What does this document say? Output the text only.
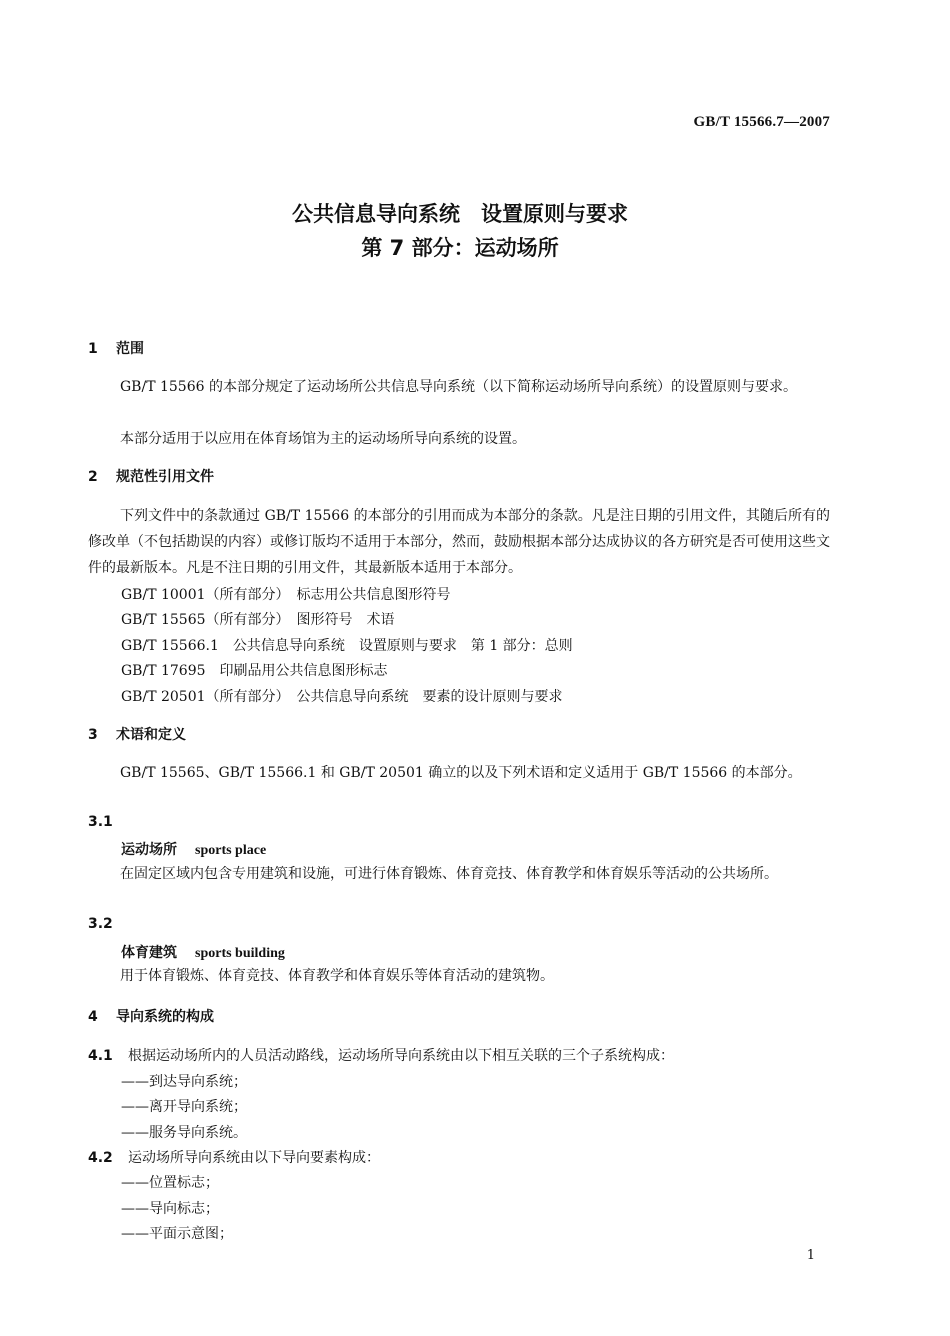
GB/T 15566.7—2007
公共信息导向系统　设置原则与要求
第 7 部分：运动场所
1 范围
GB/T 15566 的本部分规定了运动场所公共信息导向系统（以下简称运动场所导向系统）的设置原则与要求。
本部分适用于以应用在体育场馆为主的运动场所导向系统的设置。
2 规范性引用文件
下列文件中的条款通过 GB/T 15566 的本部分的引用而成为本部分的条款。凡是注日期的引用文件，其随后所有的修改单（不包括勘误的内容）或修订版均不适用于本部分，然而，鼓励根据本部分达成协议的各方研究是否可使用这些文件的最新版本。凡是不注日期的引用文件，其最新版本适用于本部分。
GB/T 10001（所有部分）　标志用公共信息图形符号
GB/T 15565（所有部分）　图形符号　术语
GB/T 15566.1　公共信息导向系统　设置原则与要求　第 1 部分：总则
GB/T 17695　印刷品用公共信息图形标志
GB/T 20501（所有部分）　公共信息导向系统　要素的设计原则与要求
3 术语和定义
GB/T 15565、GB/T 15566.1 和 GB/T 20501 确立的以及下列术语和定义适用于 GB/T 15566 的本部分。
3.1
运动场所 sports place
在固定区域内包含专用建筑和设施，可进行体育锻炼、体育竞技、体育教学和体育娱乐等活动的公共场所。
3.2
体育建筑 sports building
用于体育锻炼、体育竞技、体育教学和体育娱乐等体育活动的建筑物。
4 导向系统的构成
4.1 根据运动场所内的人员活动路线，运动场所导向系统由以下相互关联的三个子系统构成：
——到达导向系统；
——离开导向系统；
——服务导向系统。
4.2 运动场所导向系统由以下导向要素构成：
——位置标志；
——导向标志；
——平面示意图；
1
